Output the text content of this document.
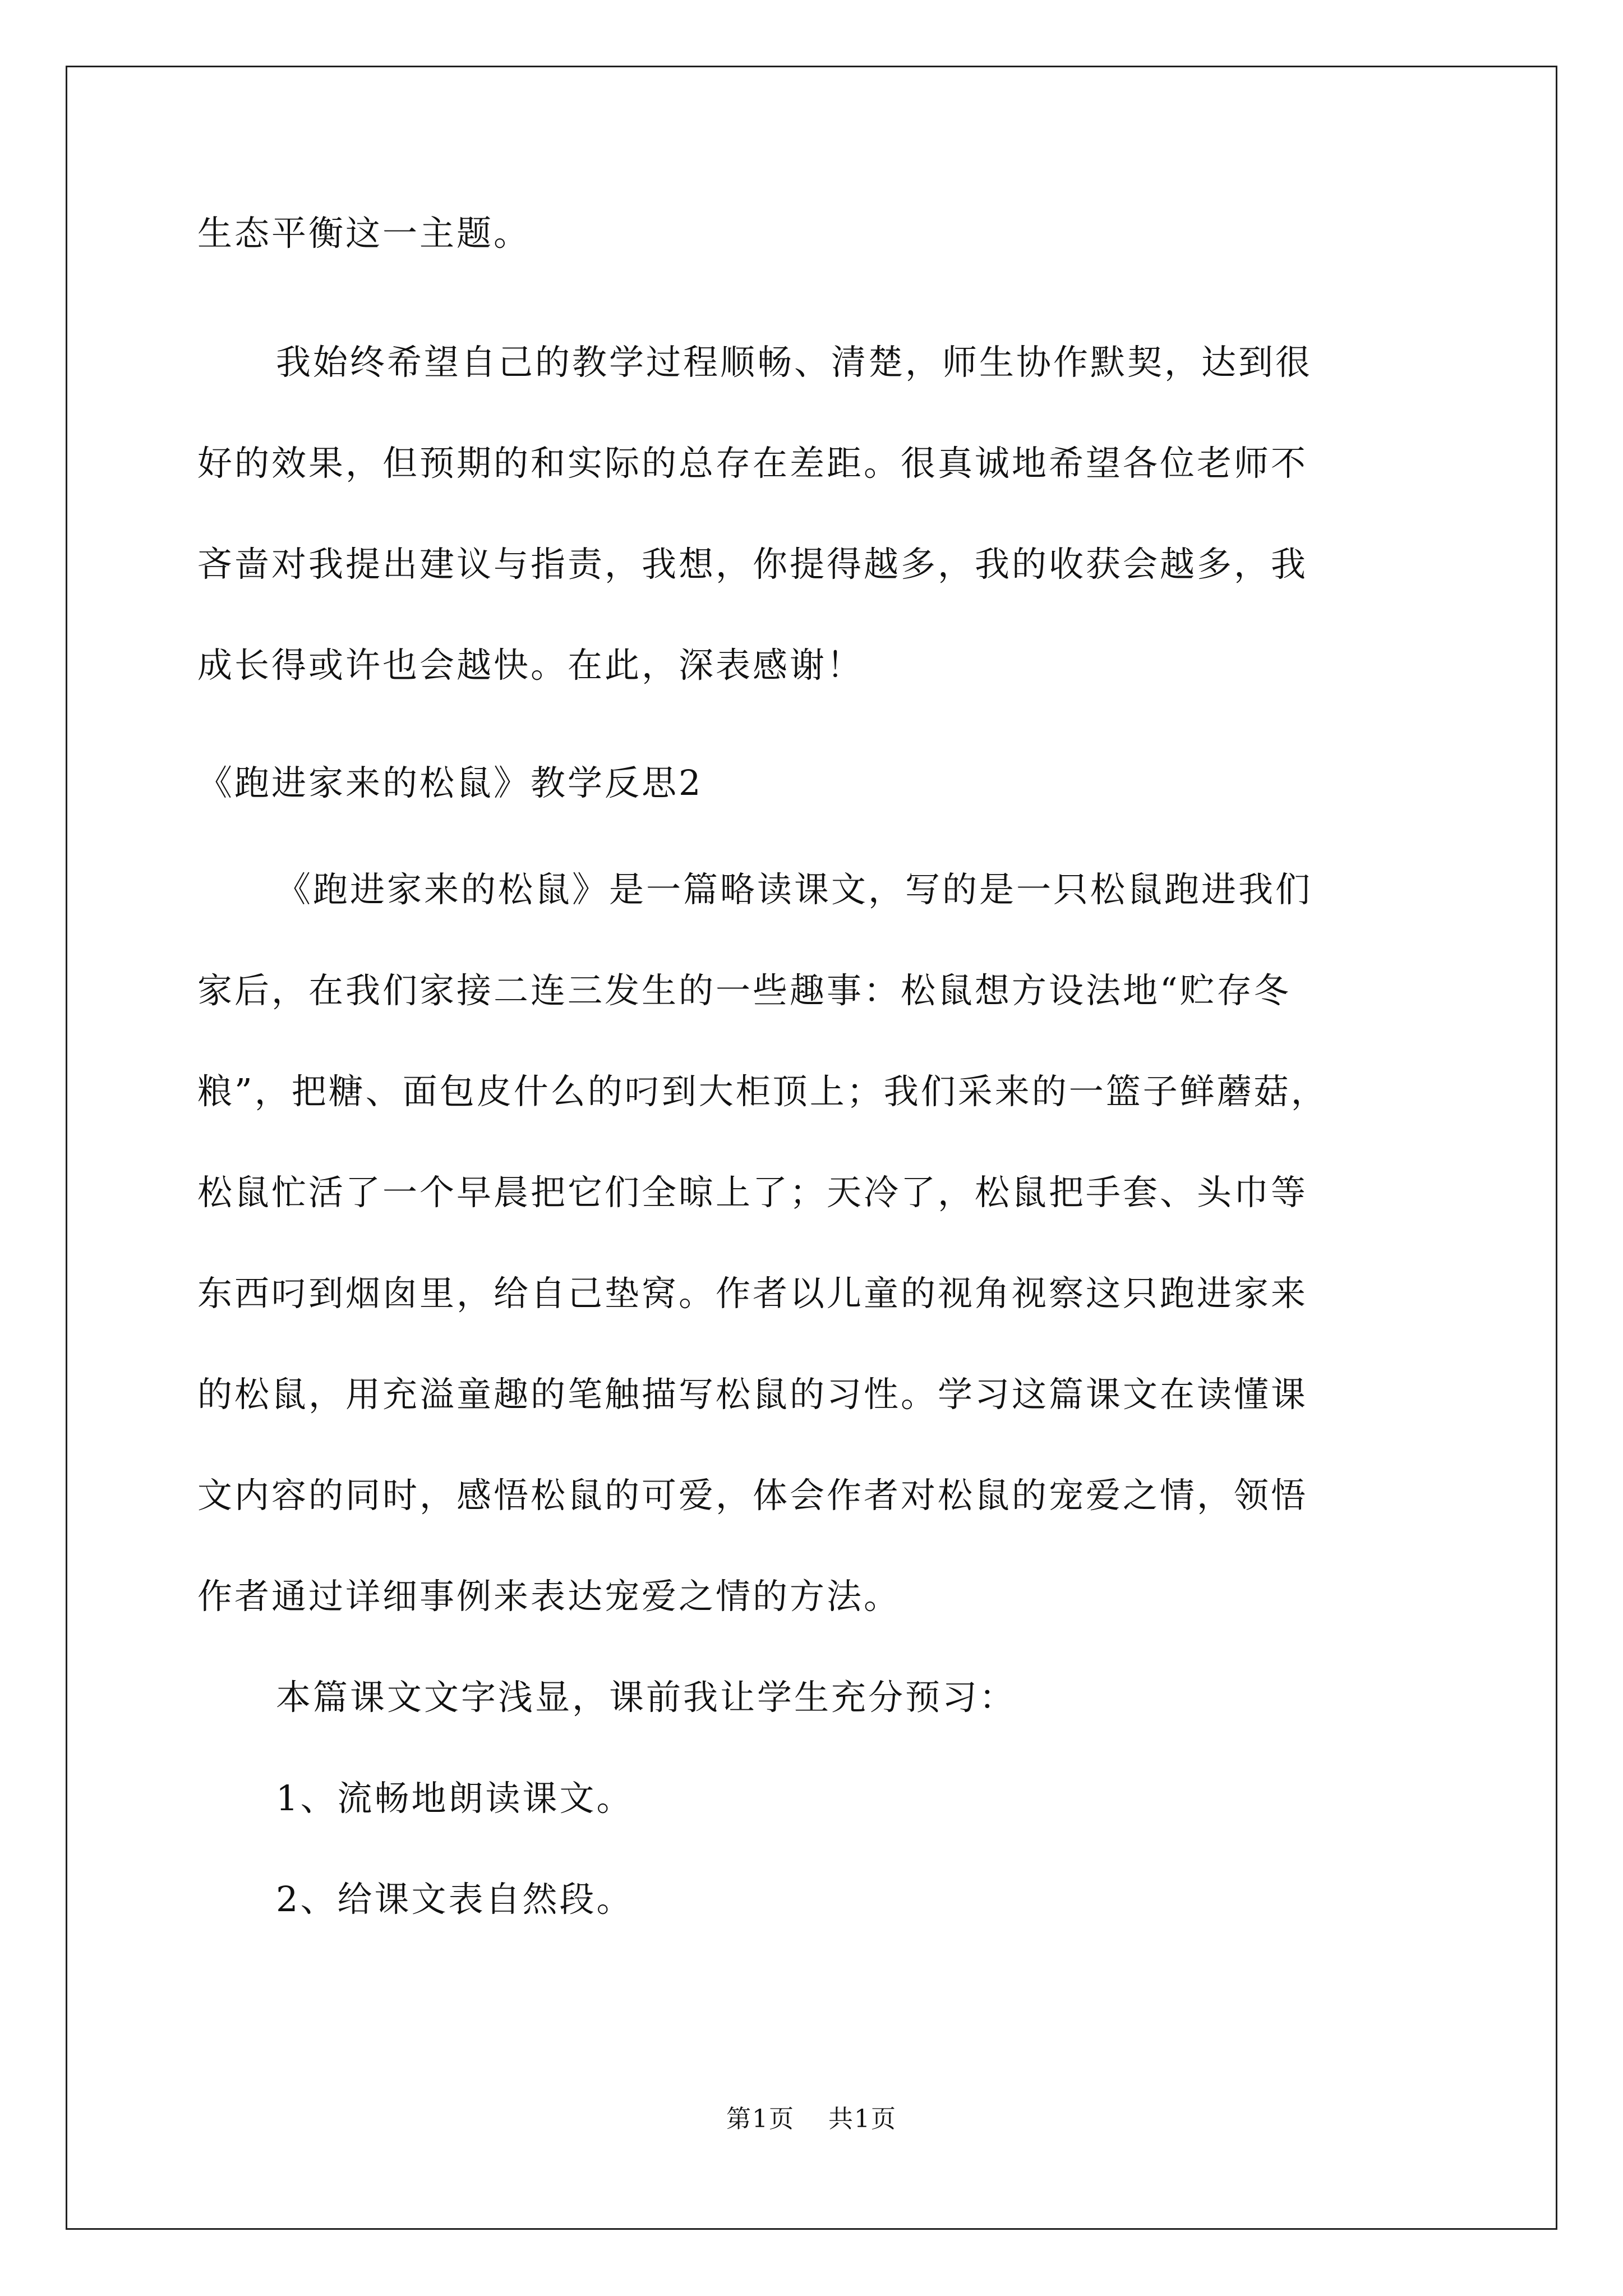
生态平衡这一主题。
我始终希望自己的教学过程顺畅、清楚，师生协作默契，达到很
好的效果，但预期的和实际的总存在差距。很真诚地希望各位老师不
吝啬对我提出建议与指责，我想，你提得越多，我的收获会越多，我
成长得或许也会越快。在此，深表感谢！
《跑进家来的松鼠》教学反思2
《跑进家来的松鼠》是一篇略读课文，写的是一只松鼠跑进我们
家后，在我们家接二连三发生的一些趣事：松鼠想方设法地“贮存冬
粮”，把糖、面包皮什么的叼到大柜顶上；我们采来的一篮子鲜蘑菇，
松鼠忙活了一个早晨把它们全晾上了；天冷了，松鼠把手套、头巾等
东西叼到烟囱里，给自己垫窝。作者以儿童的视角视察这只跑进家来
的松鼠，用充溢童趣的笔触描写松鼠的习性。学习这篇课文在读懂课
文内容的同时，感悟松鼠的可爱，体会作者对松鼠的宠爱之情，领悟
作者通过详细事例来表达宠爱之情的方法。
本篇课文文字浅显，课前我让学生充分预习：
1、流畅地朗读课文。
2、给课文表自然段。
第1页 共1页
